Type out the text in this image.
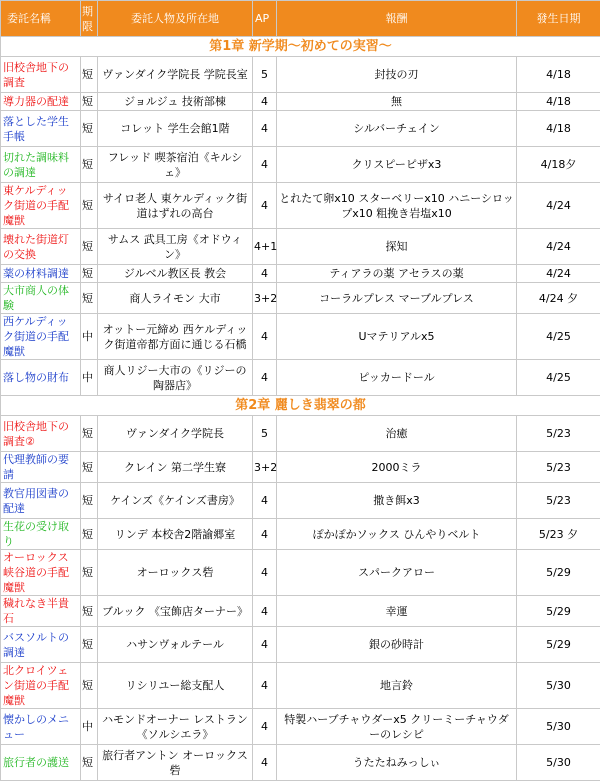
委託名稱	期限	委託人物及所在地	AP	報酬	發生日期
第1章 新学期～初めての実習～					
旧校舎地下の調査	短	ヴァンダイク学院長 学院長室	5	封技の刃	4/18
導力器の配達	短	ジョルジュ 技術部棟	4	無	4/18
落とした学生手帳	短	コレット 学生会館1階	4	シルバーチェイン	4/18
切れた調味料の調達	短	フレッド 喫茶宿泊《キルシェ》	4	クリスピーピザx3	4/18夕
東ケルディック街道の手配魔獣	短	サイロ老人 東ケルディック街道はずれの高台	4	とれたて卵x10 スターベリーx10 ハニーシロップx10 粗挽き岩塩x10	4/24
壊れた街道灯の交換	短	サムス 武具工房《オドウィン》	4+1	探知	4/24
薬の材料調達	短	ジルベル教区長 教会	4	ティアラの薬 アセラスの薬	4/24
大市商人の体験	短	商人ライモン 大市	3+2	コーラルプレス マーブルプレス	4/24 夕
西ケルディック街道の手配魔獣	中	オットー元締め 西ケルディック街道帝都方面に通じる石橋	4	Uマテリアルx5	4/25
落し物の財布	中	商人リジー大市の《リジーの陶器店》	4	ピッカードール	4/25
第2章 麗しき翡翠の都					
旧校舎地下の調査②	短	ヴァンダイク学院長	5	治癒	5/23
代理教師の要請	短	クレイン 第二学生寮	3+2	2000ミラ	5/23
教官用図書の配達	短	ケインズ《ケインズ書房》	4	撒き餌x3	5/23
生花の受け取り	短	リンデ 本校舎2階諭郷室	4	ぽかぽかソックス ひんやりベルト	5/23 夕
オーロックス峡谷道の手配魔獣	短	オーロックス砦	4	スパークアロー	5/29
穢れなき半貴石	短	ブルック 《宝飾店ターナー》	4	幸運	5/29
バスソルトの調達	短	ハサンヴォルテール	4	銀の砂時計	5/29
北クロイツェン街道の手配魔獣	短	リシリユー総支配人	4	地言鈴	5/30
懐かしのメニュー	中	ハモンドオーナー レストラン《ソルシエラ》	4	特製ハーブチャウダーx5 クリーミーチャウダーのレシピ	5/30
旅行者の護送	短	旅行者アントン オーロックス砦	4	うたたねみっしぃ	5/30
